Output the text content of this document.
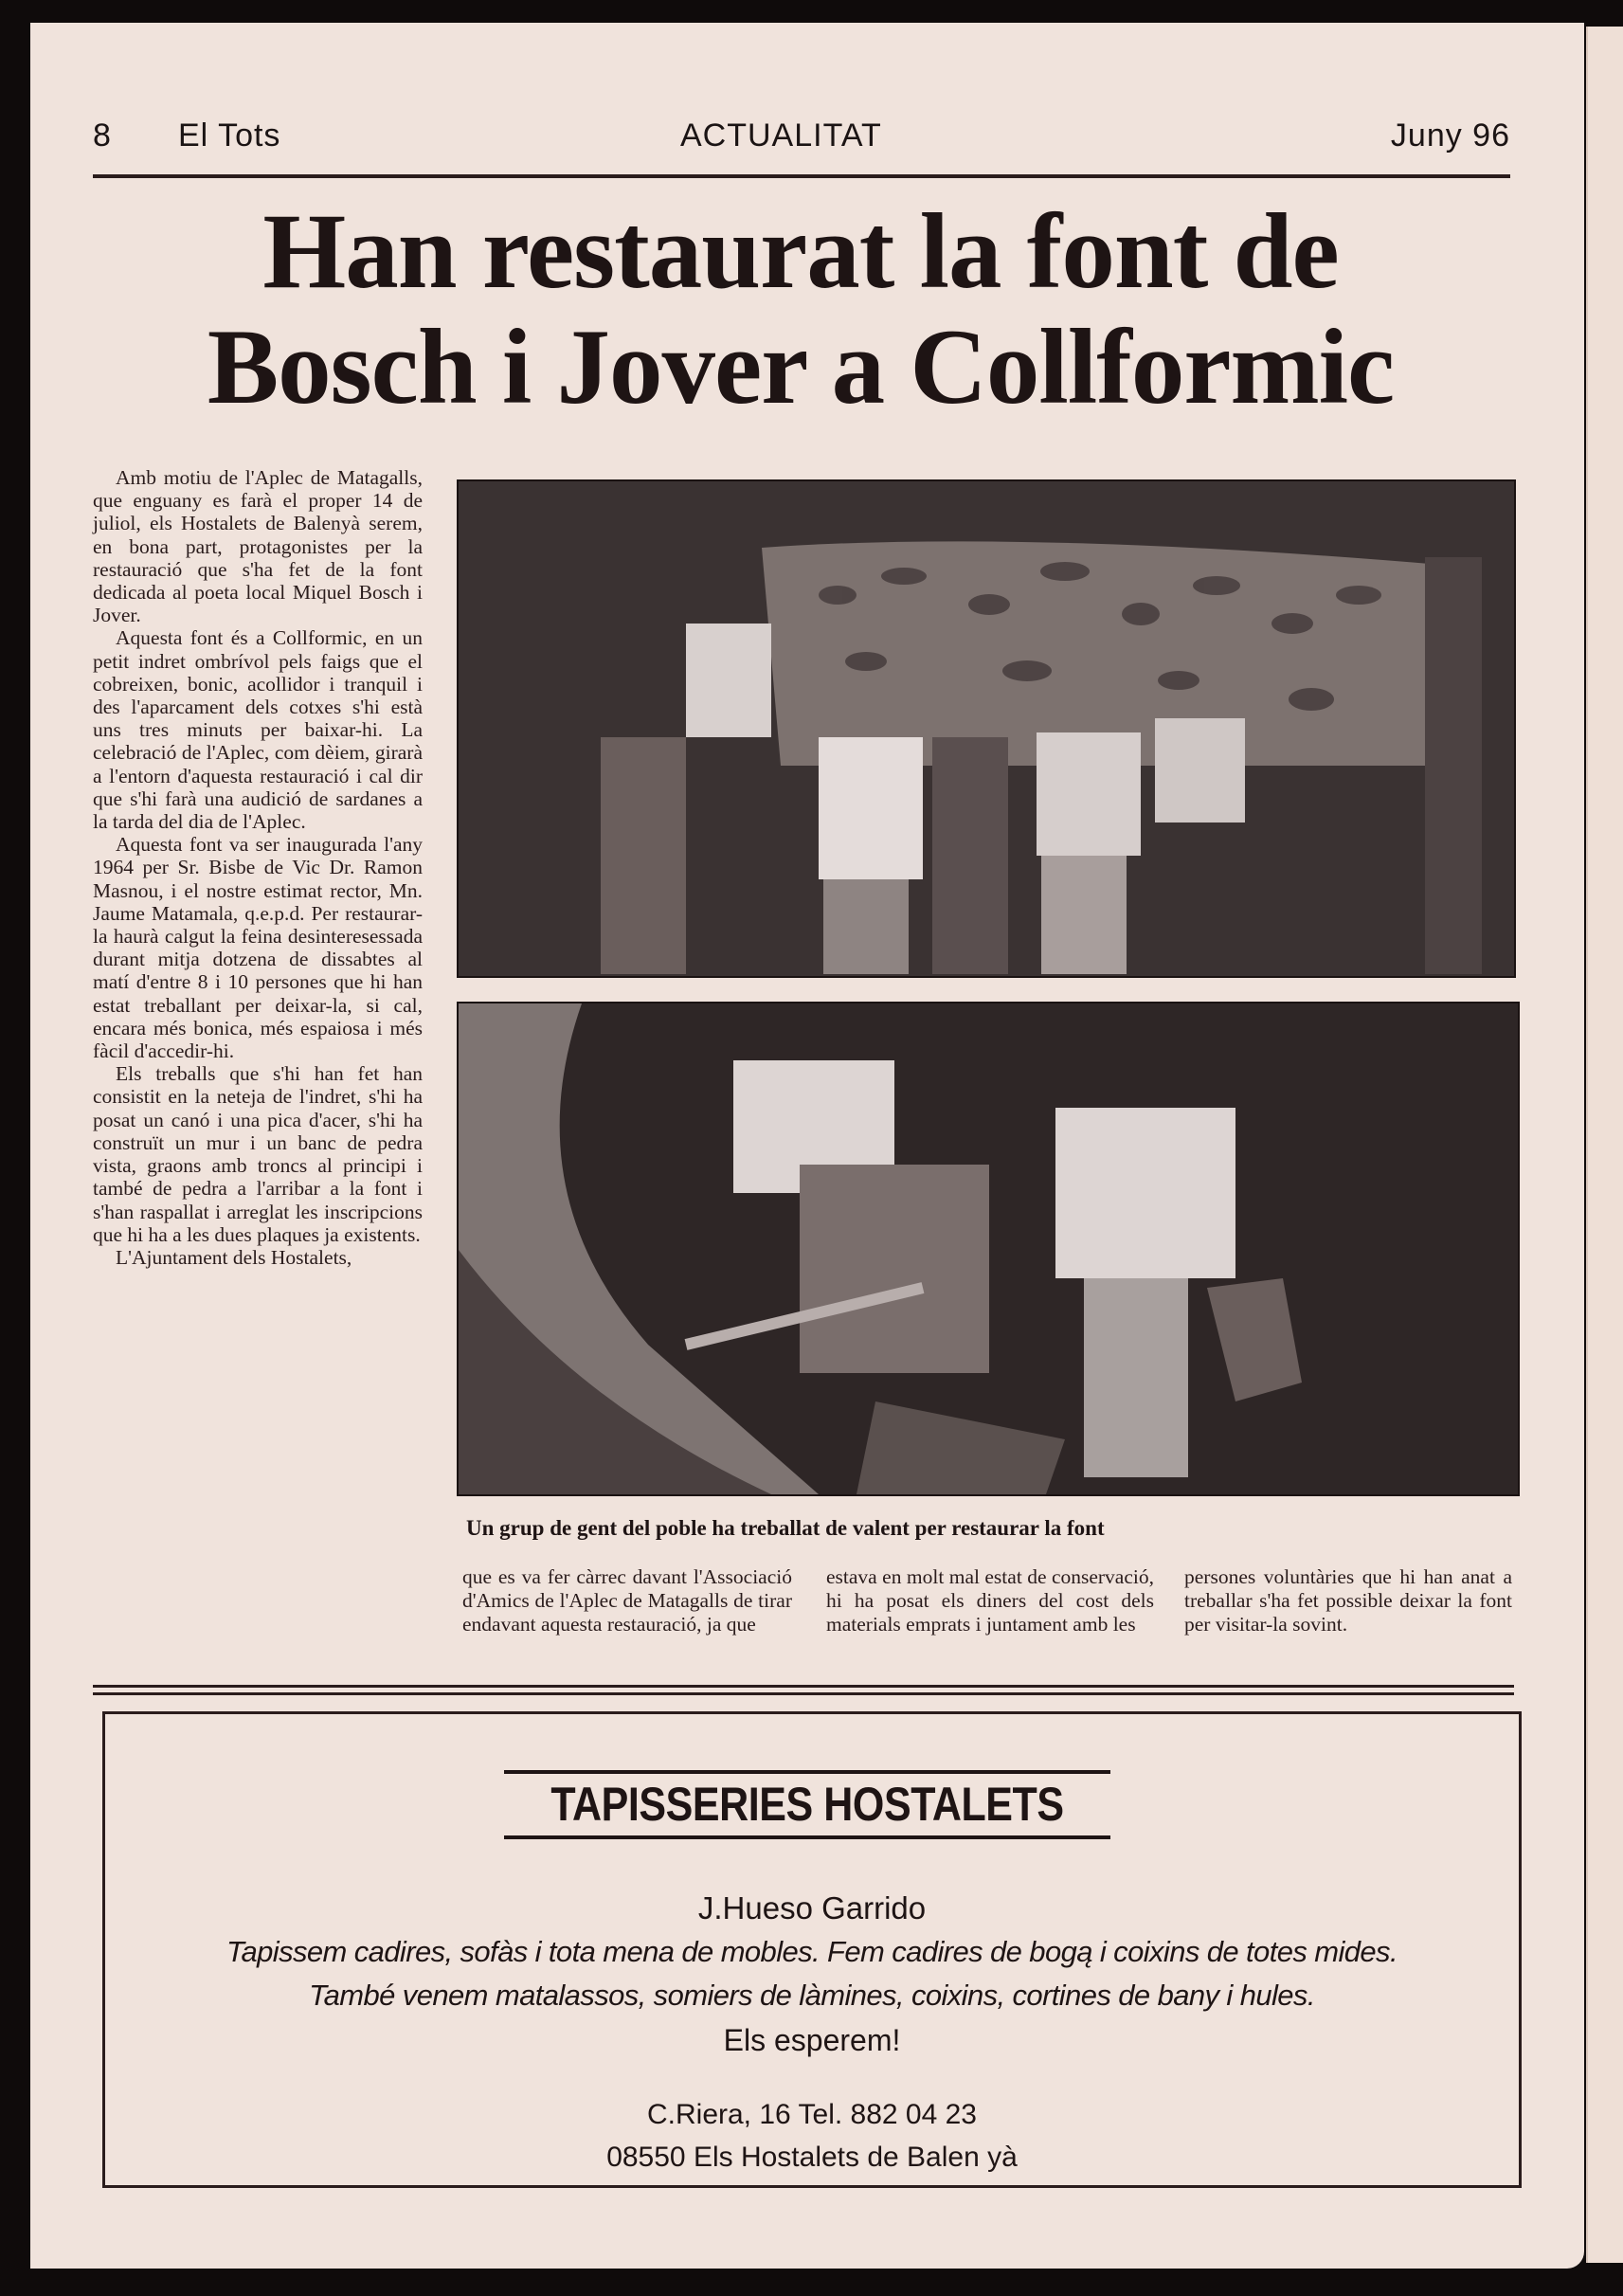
8 El Tots	ACTUALITAT	Juny 96
Han restaurat la font de
Bosch i Jover a Collformic

Amb motiu de l'Aplec de Matagalls, que enguany es farà el proper 14 de juliol, els Hostalets de Balenyà serem, en bona part, protagonistes per la restauració que s'ha fet de la font dedicada al poeta local Miquel Bosch i Jover.

Aquesta font és a Collformic, en un petit indret ombrívol pels faigs que el cobreixen, bonic, acollidor i tranquil i des l'aparcament dels cotxes s'hi està uns tres minuts per baixar-hi. La celebració de l'Aplec, com dèiem, girarà a l'entorn d'aquesta restauració i cal dir que s'hi farà una audició de sardanes a la tarda del dia de l'Aplec.

Aquesta font va ser inaugurada l'any 1964 per Sr. Bisbe de Vic Dr. Ramon Masnou, i el nostre estimat rector, Mn. Jaume Matamala, q.e.p.d. Per restaurar-la haurà calgut la feina desinteresessada durant mitja dotzena de dissabtes al matí d'entre 8 i 10 persones que hi han estat treballant per deixar-la, si cal, encara més bonica, més espaiosa i més fàcil d'accedir-hi.

Els treballs que s'hi han fet han consistit en la neteja de l'indret, s'hi ha posat un canó i una pica d'acer, s'hi ha construït un mur i un banc de pedra vista, graons amb troncs al principi i també de pedra a l'arribar a la font i s'han raspallat i arreglat les inscripcions que hi ha a les dues plaques ja existents.

L'Ajuntament dels Hostalets,

Un grup de gent del poble ha treballat de valent per restaurar la font

que es va fer càrrec davant l'Associació d'Amics de l'Aplec de Matagalls de tirar endavant aquesta restauració, ja que

estava en molt mal estat de conservació, hi ha posat els diners del cost dels materials emprats i juntament amb les

persones voluntàries que hi han anat a treballar s'ha fet possible deixar la font per visitar-la sovint.

TAPISSERIES HOSTALETS
J.Hueso Garrido
Tapissem cadires, sofàs i tota mena de mobles. Fem cadires de bogą i coixins de totes mides.
També venem matalassos, somiers de làmines, coixins, cortines de bany i hules.
Els esperem!
C.Riera, 16 Tel. 882 04 23
08550 Els Hostalets de Balen yà
